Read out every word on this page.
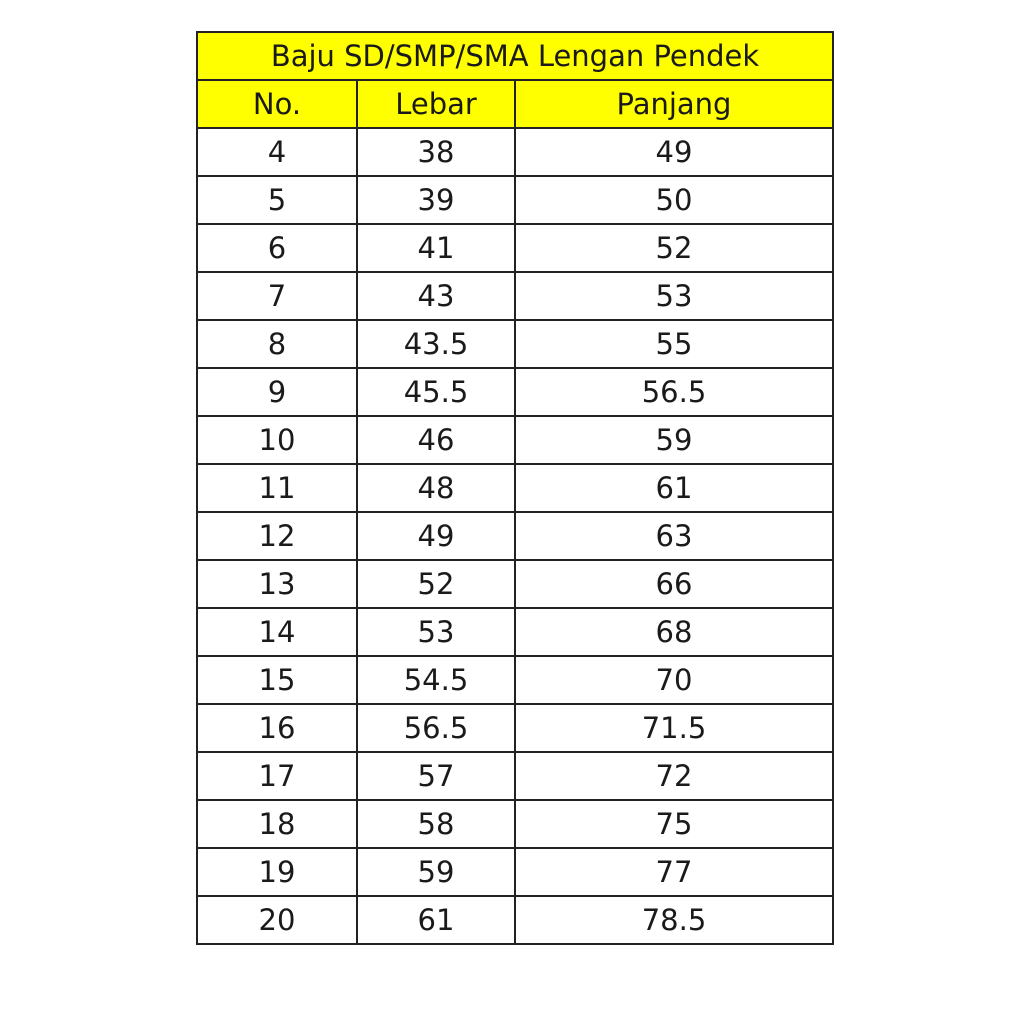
Baju SD/SMP/SMA Lengan Pendek		
No.	Lebar	Panjang
4	38	49
5	39	50
6	41	52
7	43	53
8	43.5	55
9	45.5	56.5
10	46	59
11	48	61
12	49	63
13	52	66
14	53	68
15	54.5	70
16	56.5	71.5
17	57	72
18	58	75
19	59	77
20	61	78.5
